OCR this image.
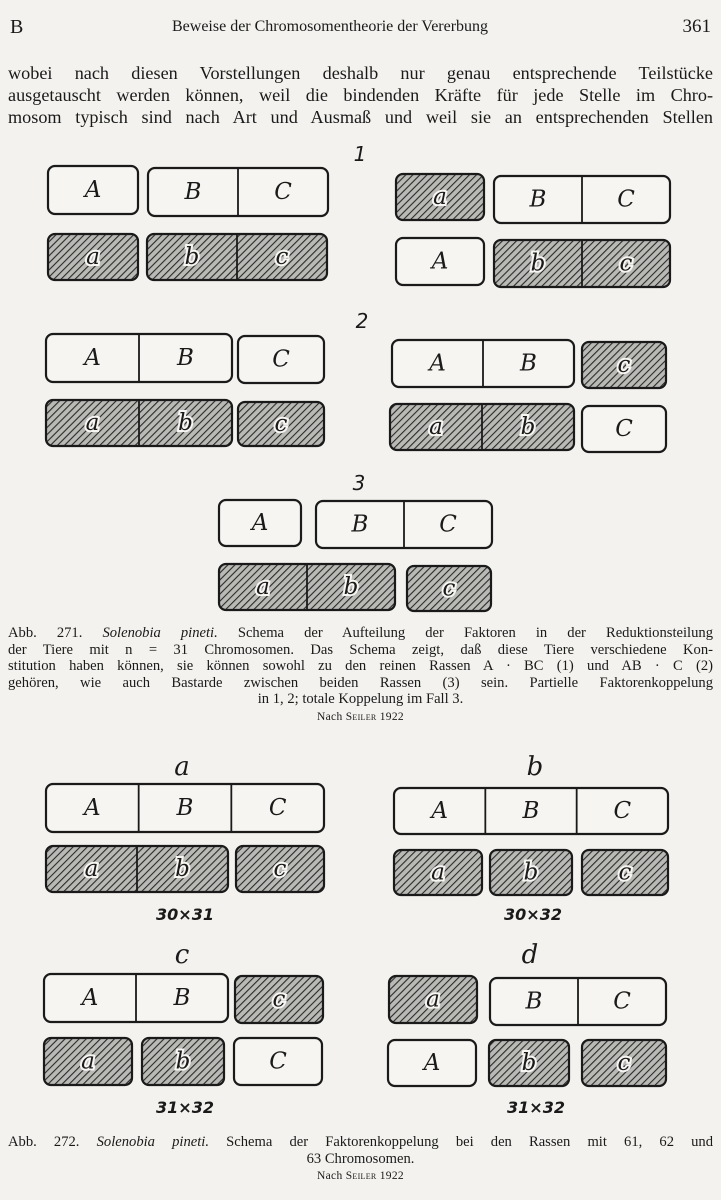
B	Beweise der Chromosomentheorie der Vererbung	361
wobei nach diesen Vorstellungen deshalb nur genau entsprechende Teilstücke
ausgetauscht werden können, weil die bindenden Kräfte für jede Stelle im Chro-
mosom typisch sind nach Art und Ausmaß und weil sie an entsprechenden Stellen
1
2
3
a	b
c	d
30×31	30×32
31×32	31×32
A	B	C
a	b	c
a	B	C
A	b	c
A	B	C
a	b	c
A	B	c
a	b	C
A	B	C
a	b	c
A	B	C
a	b	c
A	B	C
a	b	c
A	B	c
a	b	C
a	B	C
A	b	c
Abb. 271. Solenobia pineti. Schema der Aufteilung der Faktoren in der Reduktionsteilung
der Tiere mit n = 31 Chromosomen. Das Schema zeigt, daß diese Tiere verschiedene Kon-
stitution haben können, sie können sowohl zu den reinen Rassen A · BC (1) und AB · C (2)
gehören, wie auch Bastarde zwischen beiden Rassen (3) sein. Partielle Faktorenkoppelung
in 1, 2; totale Koppelung im Fall 3.
Nach Seiler 1922
Abb. 272. Solenobia pineti. Schema der Faktorenkoppelung bei den Rassen mit 61, 62 und
63 Chromosomen.
Nach Seiler 1922
